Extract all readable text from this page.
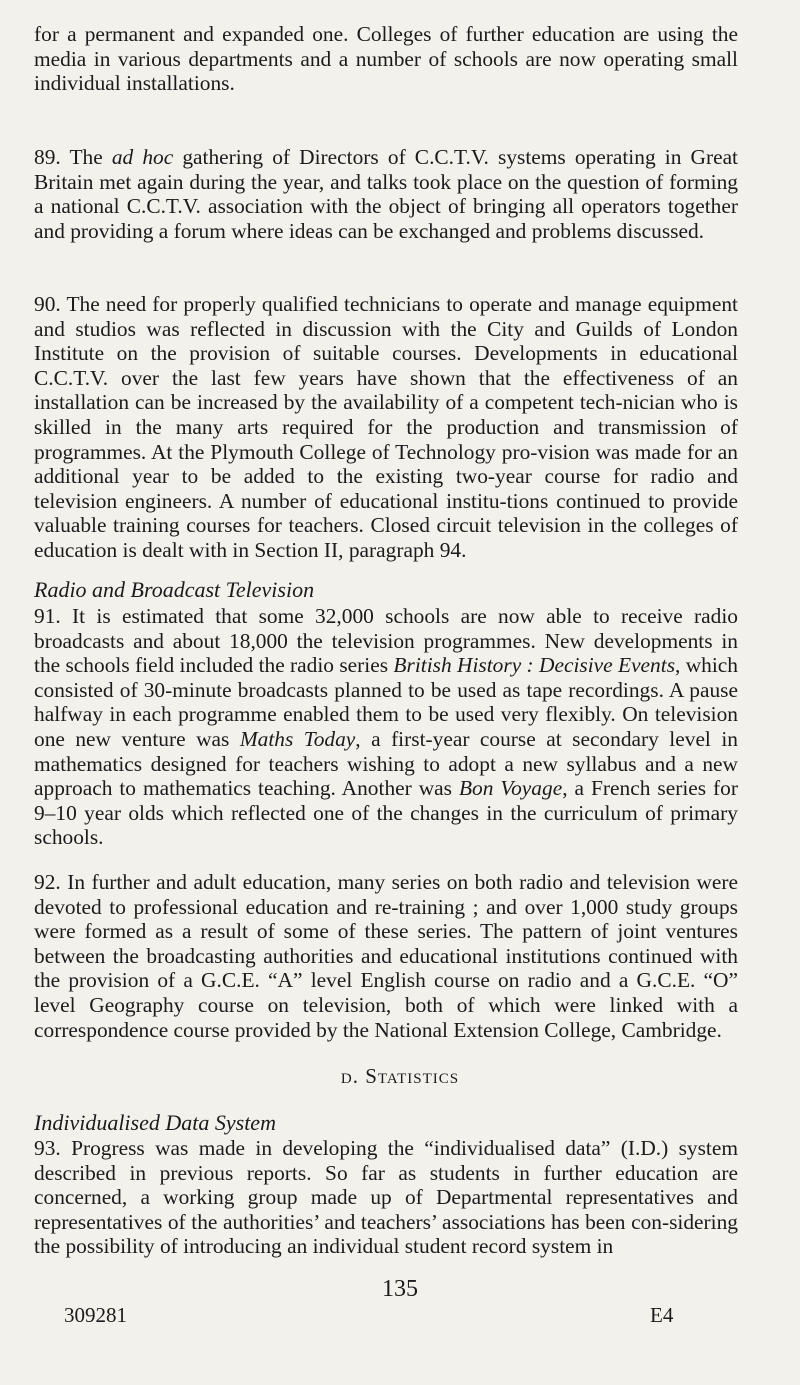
for a permanent and expanded one. Colleges of further education are using the media in various departments and a number of schools are now operating small individual installations.

89. The ad hoc gathering of Directors of C.C.T.V. systems operating in Great Britain met again during the year, and talks took place on the question of forming a national C.C.T.V. association with the object of bringing all operators together and providing a forum where ideas can be exchanged and problems discussed.

90. The need for properly qualified technicians to operate and manage equipment and studios was reflected in discussion with the City and Guilds of London Institute on the provision of suitable courses. Developments in educational C.C.T.V. over the last few years have shown that the effectiveness of an installation can be increased by the availability of a competent tech-nician who is skilled in the many arts required for the production and transmission of programmes. At the Plymouth College of Technology pro-vision was made for an additional year to be added to the existing two-year course for radio and television engineers. A number of educational institu-tions continued to provide valuable training courses for teachers. Closed circuit television in the colleges of education is dealt with in Section II, paragraph 94.

Radio and Broadcast Television

91. It is estimated that some 32,000 schools are now able to receive radio broadcasts and about 18,000 the television programmes. New developments in the schools field included the radio series British History : Decisive Events, which consisted of 30-minute broadcasts planned to be used as tape recordings. A pause halfway in each programme enabled them to be used very flexibly. On television one new venture was Maths Today, a first-year course at secondary level in mathematics designed for teachers wishing to adopt a new syllabus and a new approach to mathematics teaching. Another was Bon Voyage, a French series for 9–10 year olds which reflected one of the changes in the curriculum of primary schools.

92. In further and adult education, many series on both radio and television were devoted to professional education and re-training ; and over 1,000 study groups were formed as a result of some of these series. The pattern of joint ventures between the broadcasting authorities and educational institutions continued with the provision of a G.C.E. “A” level English course on radio and a G.C.E. “O” level Geography course on television, both of which were linked with a correspondence course provided by the National Extension College, Cambridge.

d. Statistics
Individualised Data System

93. Progress was made in developing the “individualised data” (I.D.) system described in previous reports. So far as students in further education are concerned, a working group made up of Departmental representatives and representatives of the authorities’ and teachers’ associations has been con-sidering the possibility of introducing an individual student record system in

135
309281	E4
